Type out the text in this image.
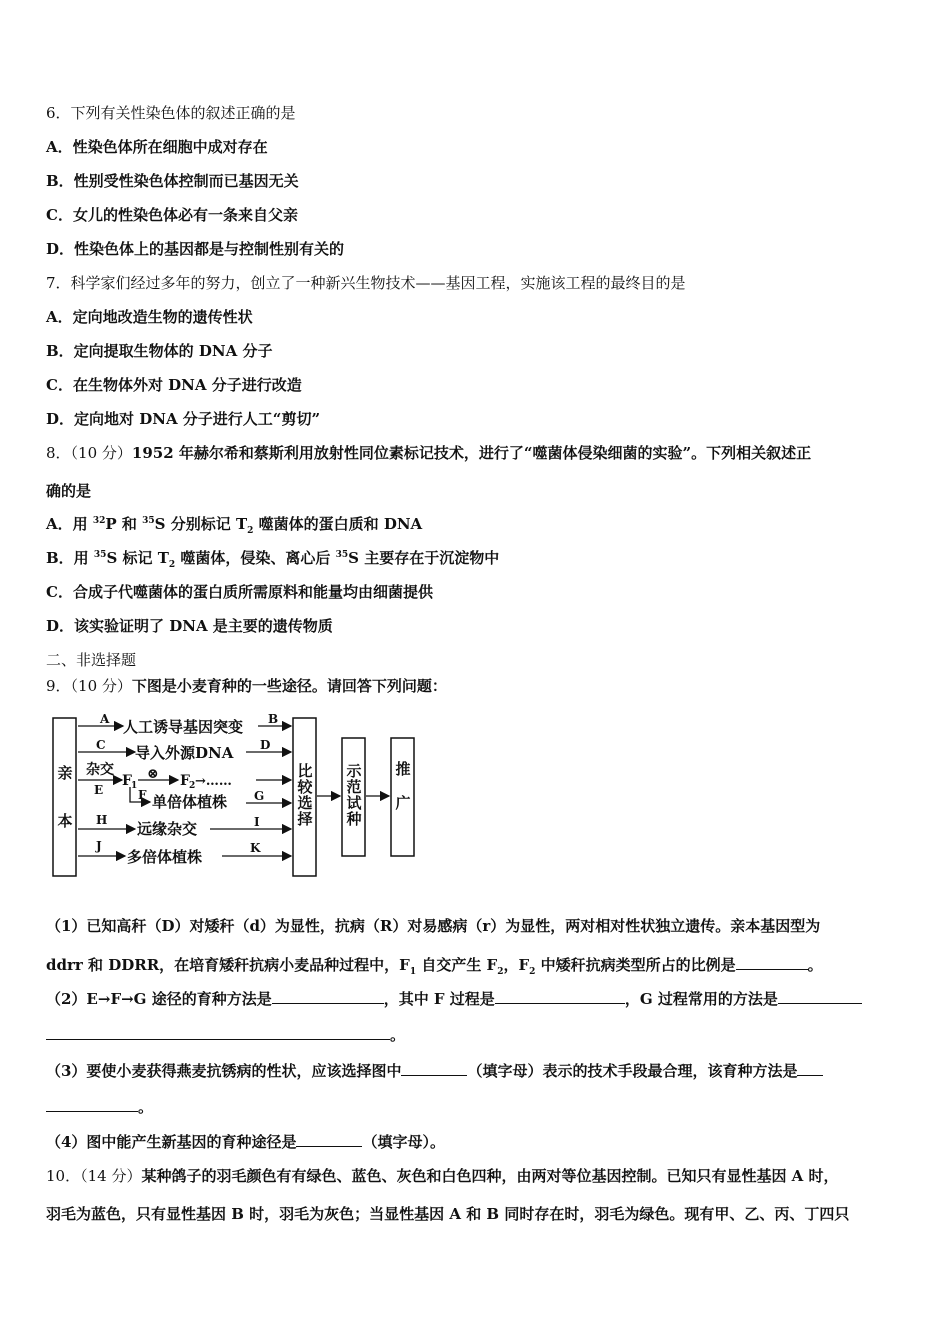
6．下列有关性染色体的叙述正确的是
A．性染色体所在细胞中成对存在
B．性别受性染色体控制而已基因无关
C．女儿的性染色体必有一条来自父亲
D．性染色体上的基因都是与控制性别有关的
7．科学家们经过多年的努力，创立了一种新兴生物技术——基因工程，实施该工程的最终目的是
A．定向地改造生物的遗传性状
B．定向提取生物体的 DNA 分子
C．在生物体外对 DNA 分子进行改造
D．定向地对 DNA 分子进行人工“剪切”
8．（10 分）1952 年赫尔希和蔡斯利用放射性同位素标记技术，进行了“噬菌体侵染细菌的实验”。下列相关叙述正
确的是
A．用 $^{32}$P 和 $^{35}$S 分别标记 $T_2$ 噬菌体的蛋白质和 DNA
B．用 $^{35}$S 标记 $T_2$ 噬菌体，侵染、离心后 $^{35}$S 主要存在于沉淀物中
C．合成子代噬菌体的蛋白质所需原料和能量均由细菌提供
D．该实验证明了 DNA 是主要的遗传物质
二、非选择题
9．（10 分）下图是小麦育种的一些途径。请回答下列问题：
亲
本
比
较
选
择
示
范
试
种
推
广
A 人工诱导基因突变 B
C 导入外源DNA D
杂交
F 1
⊗ F 2 →……
E	F 单倍体植株 G
H 远缘杂交	I
J
多倍体植株	K
（1）已知高秆（D）对矮秆（d）为显性，抗病（R）对易感病（r）为显性，两对相对性状独立遗传。亲本基因型为
ddrr 和 DDRR，在培育矮秆抗病小麦品种过程中，$F_1$ 自交产生 $F_2$，$F_2$ 中矮秆抗病类型所占的比例是	。
（2）E→F→G 途径的育种方法是	，其中 F 过程是	，G 过程常用的方法是
。
（3）要使小麦获得燕麦抗锈病的性状，应该选择图中	（填字母）表示的技术手段最合理，该育种方法是
。
（4）图中能产生新基因的育种途径是	（填字母）。
10．（14 分）某种鸽子的羽毛颜色有有绿色、蓝色、灰色和白色四种，由两对等位基因控制。已知只有显性基因 A 时，
羽毛为蓝色，只有显性基因 B 时，羽毛为灰色；当显性基因 A 和 B 同时存在时，羽毛为绿色。现有甲、乙、丙、丁四只
